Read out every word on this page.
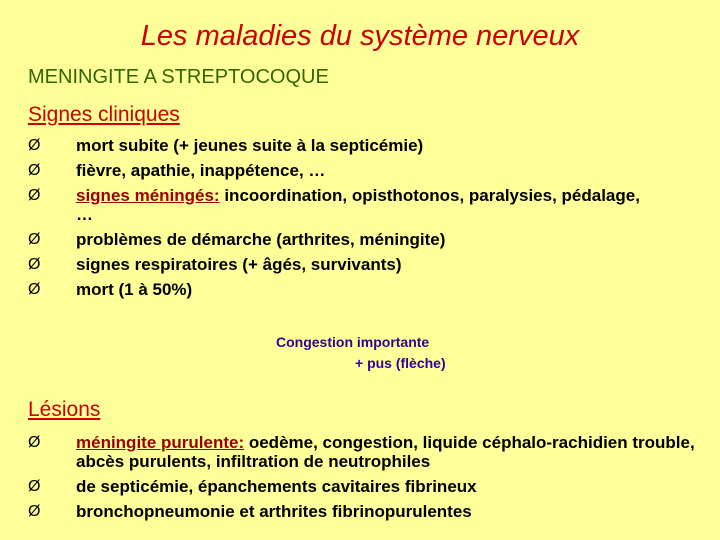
Les maladies du système nerveux
MENINGITE A STREPTOCOQUE
Signes cliniques
Ø mort subite (+ jeunes suite à la septicémie)
Ø fièvre, apathie, inappétence, …
Ø signes méningés: incoordination, opisthotonos, paralysies, pédalage, …
Ø problèmes de démarche (arthrites, méningite)
Ø signes respiratoires (+ âgés, survivants)
Ø mort (1 à 50%)
Congestion importante
+ pus (flèche)
Lésions
Ø méningite purulente: oedème, congestion, liquide céphalo-rachidien trouble, abcès purulents, infiltration de neutrophiles
Ø de septicémie, épanchements cavitaires fibrineux
Ø bronchopneumonie et arthrites fibrinopurulentes
